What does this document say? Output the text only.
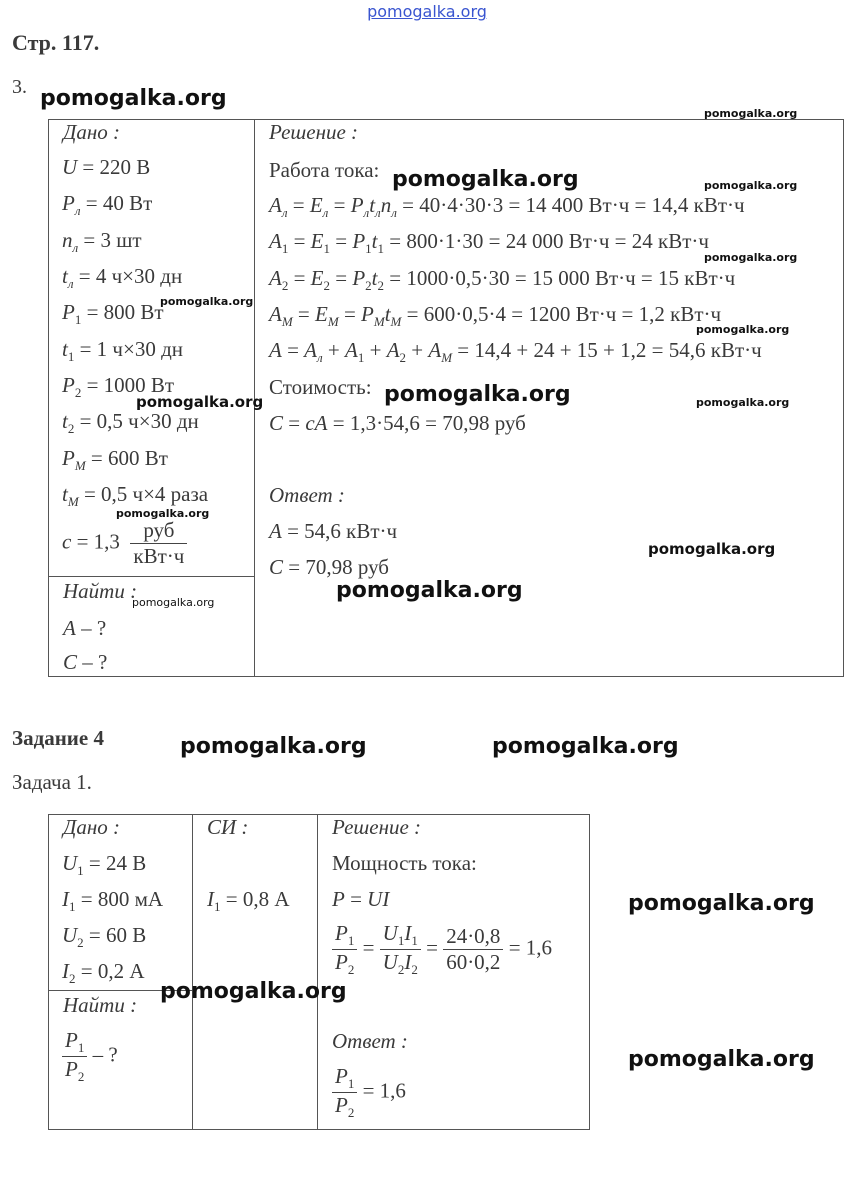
pomogalka.org
Стр. 117.
3.
Дано :
U = 220 В
$P_л = 40$ Вт
$n_л = 3$ шт
$t_л = 4$ ч×30 дн
$P_1 = 800$ Вт
$t_1 = 1$ ч×30 дн
$P_2 = 1000$ Вт
$t_2 = 0,5$ ч×30 дн
$P_M = 600$ Вт
$t_M = 0,5$ ч×4 раза
$c = 1,3 \frac{\text{руб}}{\text{кВт·ч}}$
Найти :
A – ?
C – ?
Решение :
Работа тока:
$A_л = E_л = P_лt_лn_л = 40\cdot 4\cdot 30\cdot 3 = 14$ 400 Вт·ч = 14,4 кВт·ч
$A_1 = E_1 = P_1t_1 = 800\cdot 1\cdot 30 = 24$ 000 Вт·ч = 24 кВт·ч
$A_2 = E_2 = P_2t_2 = 1000\cdot 0,5\cdot 30 = 15$ 000 Вт·ч = 15 кВт·ч
$A_M = E_M = P_Mt_M = 600\cdot 0,5\cdot 4 = 1200$ Вт·ч = 1,2 кВт·ч
$A = A_л + A_1 + A_2 + A_M = 14,4 + 24 + 15 + 1,2 = 54,6$ кВт·ч
Стоимость:
C = cA = 1,3·54,6 = 70,98 руб
Ответ :
A = 54,6 кВт·ч
C = 70,98 руб
Задание 4
Задача 1.
Дано :
$U_1 = 24$ В
$I_1 = 800$ мА
$U_2 = 60$ В
$I_2 = 0,2$ А
Найти :
$\frac{P_1}{P_2}$ – ?
СИ :
$I_1 = 0,8$ А
Решение :
Мощность тока:
P = UI
$\frac{P_1}{P_2} = \frac{U_1I_1}{U_2I_2} = \frac{24\cdot 0,8}{60\cdot 0,2} = 1,6$
Ответ :
$\frac{P_1}{P_2} = 1,6$
pomogalka.org
pomogalka.org
pomogalka.org	pomogalka.org
pomogalka.org
pomogalka.org
pomogalka.org
pomogalka.org
pomogalka.org	pomogalka.org
pomogalka.org
pomogalka.org
pomogalka.org
pomogalka.org
pomogalka.org	pomogalka.org
pomogalka.org
pomogalka.org
pomogalka.org
